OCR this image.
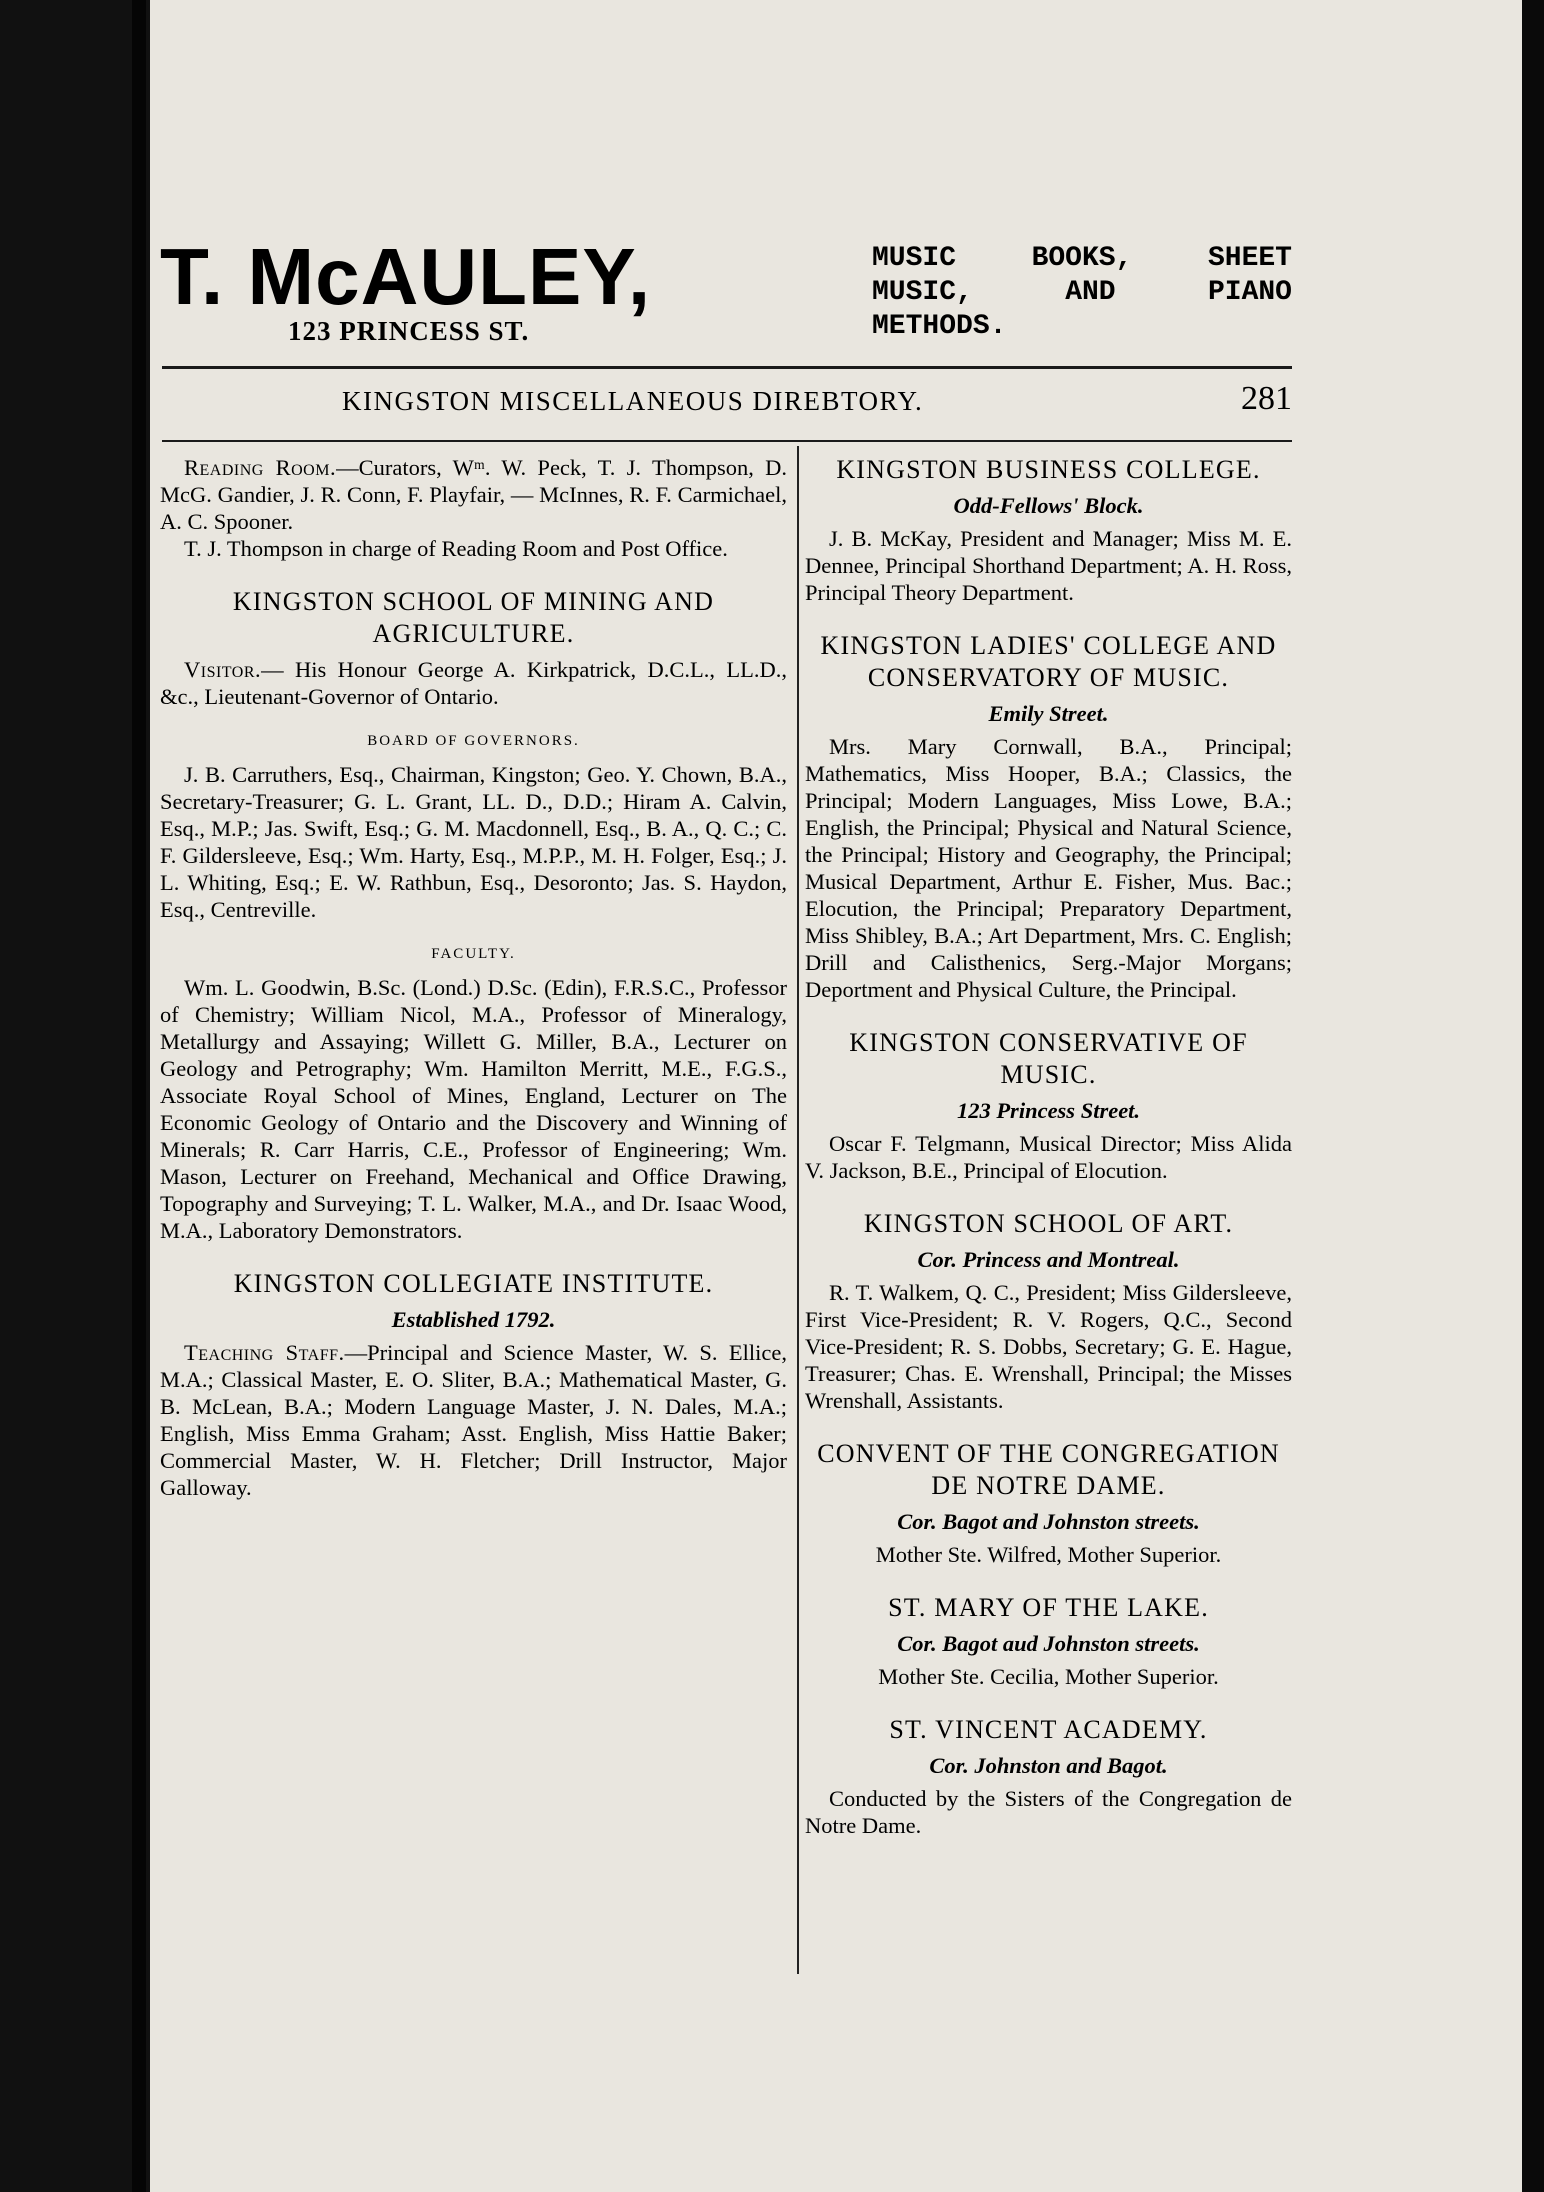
T. McAULEY,
123 PRINCESS ST.
MUSIC	BOOKS,	SHEET
MUSIC,	AND	PIANO
METHODS.
KINGSTON MISCELLANEOUS DIREBTORY.	281

Reading Room.—Curators, Wᵐ. W. Peck, T. J. Thompson, D. McG. Gandier, J. R. Conn, F. Playfair, — McInnes, R. F. Carmichael, A. C. Spooner.

T. J. Thompson in charge of Reading Room and Post Office.

KINGSTON SCHOOL OF MINING AND AGRICULTURE.

Visitor.— His Honour George A. Kirkpatrick, D.C.L., LL.D., &c., Lieutenant-Governor of Ontario.

BOARD OF GOVERNORS.

J. B. Carruthers, Esq., Chairman, Kingston; Geo. Y. Chown, B.A., Secretary-Treasurer; G. L. Grant, LL. D., D.D.; Hiram A. Calvin, Esq., M.P.; Jas. Swift, Esq.; G. M. Macdonnell, Esq., B. A., Q. C.; C. F. Gildersleeve, Esq.; Wm. Harty, Esq., M.P.P., M. H. Folger, Esq.; J. L. Whiting, Esq.; E. W. Rathbun, Esq., Desoronto; Jas. S. Haydon, Esq., Centreville.

FACULTY.

Wm. L. Goodwin, B.Sc. (Lond.) D.Sc. (Edin), F.R.S.C., Professor of Chemistry; William Nicol, M.A., Professor of Mineralogy, Metallurgy and Assaying; Willett G. Miller, B.A., Lecturer on Geology and Petrography; Wm. Hamilton Merritt, M.E., F.G.S., Associate Royal School of Mines, England, Lecturer on The Economic Geology of Ontario and the Discovery and Winning of Minerals; R. Carr Harris, C.E., Professor of Engineering; Wm. Mason, Lecturer on Freehand, Mechanical and Office Drawing, Topography and Surveying; T. L. Walker, M.A., and Dr. Isaac Wood, M.A., Laboratory Demonstrators.

KINGSTON COLLEGIATE INSTITUTE.
Established 1792.

Teaching Staff.—Principal and Science Master, W. S. Ellice, M.A.; Classical Master, E. O. Sliter, B.A.; Mathematical Master, G. B. McLean, B.A.; Modern Language Master, J. N. Dales, M.A.; English, Miss Emma Graham; Asst. English, Miss Hattie Baker; Commercial Master, W. H. Fletcher; Drill Instructor, Major Galloway.

KINGSTON BUSINESS COLLEGE.
Odd-Fellows' Block.

J. B. McKay, President and Manager; Miss M. E. Dennee, Principal Shorthand Department; A. H. Ross, Principal Theory Department.

KINGSTON LADIES' COLLEGE AND CONSERVATORY OF MUSIC.
Emily Street.

Mrs. Mary Cornwall, B.A., Principal; Mathematics, Miss Hooper, B.A.; Classics, the Principal; Modern Languages, Miss Lowe, B.A.; English, the Principal; Physical and Natural Science, the Principal; History and Geography, the Principal; Musical Department, Arthur E. Fisher, Mus. Bac.; Elocution, the Principal; Preparatory Department, Miss Shibley, B.A.; Art Department, Mrs. C. English; Drill and Calisthenics, Serg.-Major Morgans; Deportment and Physical Culture, the Principal.

KINGSTON CONSERVATIVE OF MUSIC.
123 Princess Street.

Oscar F. Telgmann, Musical Director; Miss Alida V. Jackson, B.E., Principal of Elocution.

KINGSTON SCHOOL OF ART.
Cor. Princess and Montreal.

R. T. Walkem, Q. C., President; Miss Gildersleeve, First Vice-President; R. V. Rogers, Q.C., Second Vice-President; R. S. Dobbs, Secretary; G. E. Hague, Treasurer; Chas. E. Wrenshall, Principal; the Misses Wrenshall, Assistants.

CONVENT OF THE CONGREGATION DE NOTRE DAME.
Cor. Bagot and Johnston streets.

Mother Ste. Wilfred, Mother Superior.

ST. MARY OF THE LAKE.
Cor. Bagot aud Johnston streets.

Mother Ste. Cecilia, Mother Superior.

ST. VINCENT ACADEMY.
Cor. Johnston and Bagot.

Conducted by the Sisters of the Congregation de Notre Dame.
